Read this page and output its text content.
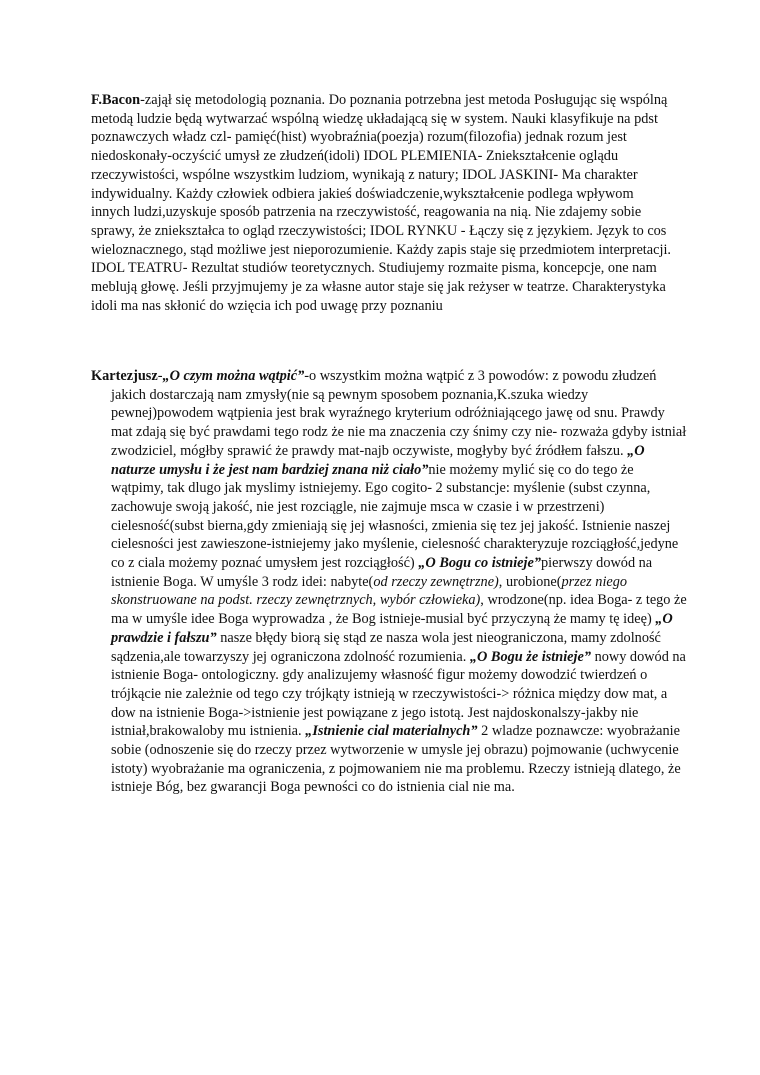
F.Bacon-zajął się metodologią poznania. Do poznania potrzebna jest metoda Posługując się wspólną metodą ludzie będą wytwarzać wspólną wiedzę układającą się w system. Nauki klasyfikuje na pdst poznawczych władz czl- pamięć(hist) wyobraźnia(poezja) rozum(filozofia) jednak rozum jest niedoskonały-oczyścić umysł ze złudzeń(idoli) IDOL PLEMIENIA- Zniekształcenie oglądu rzeczywistości, wspólne wszystkim ludziom, wynikają z natury; IDOL JASKINI- Ma charakter indywidualny. Każdy człowiek odbiera jakieś doświadczenie,wykształcenie podlega wpływom innych ludzi,uzyskuje sposób patrzenia na rzeczywistość, reagowania na nią. Nie zdajemy sobie sprawy, że zniekształca to ogląd rzeczywistości; IDOL RYNKU - Łączy się z językiem. Język to cos wieloznacznego, stąd możliwe jest nieporozumienie. Każdy zapis staje się przedmiotem interpretacji. IDOL TEATRU- Rezultat studiów teoretycznych. Studiujemy rozmaite pisma, koncepcje, one nam meblują głowę. Jeśli przyjmujemy je za własne autor staje się jak reżyser w teatrze. Charakterystyka idoli ma nas skłonić do wzięcia ich pod uwagę przy poznaniu

Kartezjusz-„O czym można wątpić”-o wszystkim można wątpić z 3 powodów: z powodu złudzeń jakich dostarczają nam zmysły(nie są pewnym sposobem poznania,K.szuka wiedzy pewnej)powodem wątpienia jest brak wyraźnego kryterium odróżniającego jawę od snu. Prawdy mat zdają się być prawdami tego rodz że nie ma znaczenia czy śnimy czy nie- rozważa gdyby istniał zwodziciel, mógłby sprawić że prawdy mat-najb oczywiste, mogłyby być źródłem fałszu. „O naturze umysłu i że jest nam bardziej znana niż ciało”nie możemy mylić się co do tego że wątpimy, tak dlugo jak myslimy istniejemy. Ego cogito- 2 substancje: myślenie (subst czynna, zachowuje swoją jakość, nie jest rozciągle, nie zajmuje msca w czasie i w przestrzeni) cielesność(subst bierna,gdy zmieniają się jej własności, zmienia się tez jej jakość. Istnienie naszej cielesności jest zawieszone-istniejemy jako myślenie, cielesność charakteryzuje rozciągłość,jedyne co z ciala możemy poznać umysłem jest rozciągłość) „O Bogu co istnieje”pierwszy dowód na istnienie Boga. W umyśle 3 rodz idei: nabyte(od rzeczy zewnętrzne), urobione(przez niego skonstruowane na podst. rzeczy zewnętrznych, wybór człowieka), wrodzone(np. idea Boga- z tego że ma w umyśle idee Boga wyprowadza , że Bog istnieje-musial być przyczyną że mamy tę ideę) „O prawdzie i fałszu” nasze błędy biorą się stąd ze nasza wola jest nieograniczona, mamy zdolność sądzenia,ale towarzyszy jej ograniczona zdolność rozumienia. „O Bogu że istnieje” nowy dowód na istnienie Boga- ontologiczny. gdy analizujemy własność figur możemy dowodzić twierdzeń o trójkącie nie zależnie od tego czy trójkąty istnieją w rzeczywistości-> różnica między dow mat, a dow na istnienie Boga->istnienie jest powiązane z jego istotą. Jest najdoskonalszy-jakby nie istniał,brakowaloby mu istnienia. „Istnienie cial materialnych” 2 wladze poznawcze: wyobrażanie sobie (odnoszenie się do rzeczy przez wytworzenie w umysle jej obrazu) pojmowanie (uchwycenie istoty) wyobrażanie ma ograniczenia, z pojmowaniem nie ma problemu. Rzeczy istnieją dlatego, że istnieje Bóg, bez gwarancji Boga pewności co do istnienia cial nie ma.
